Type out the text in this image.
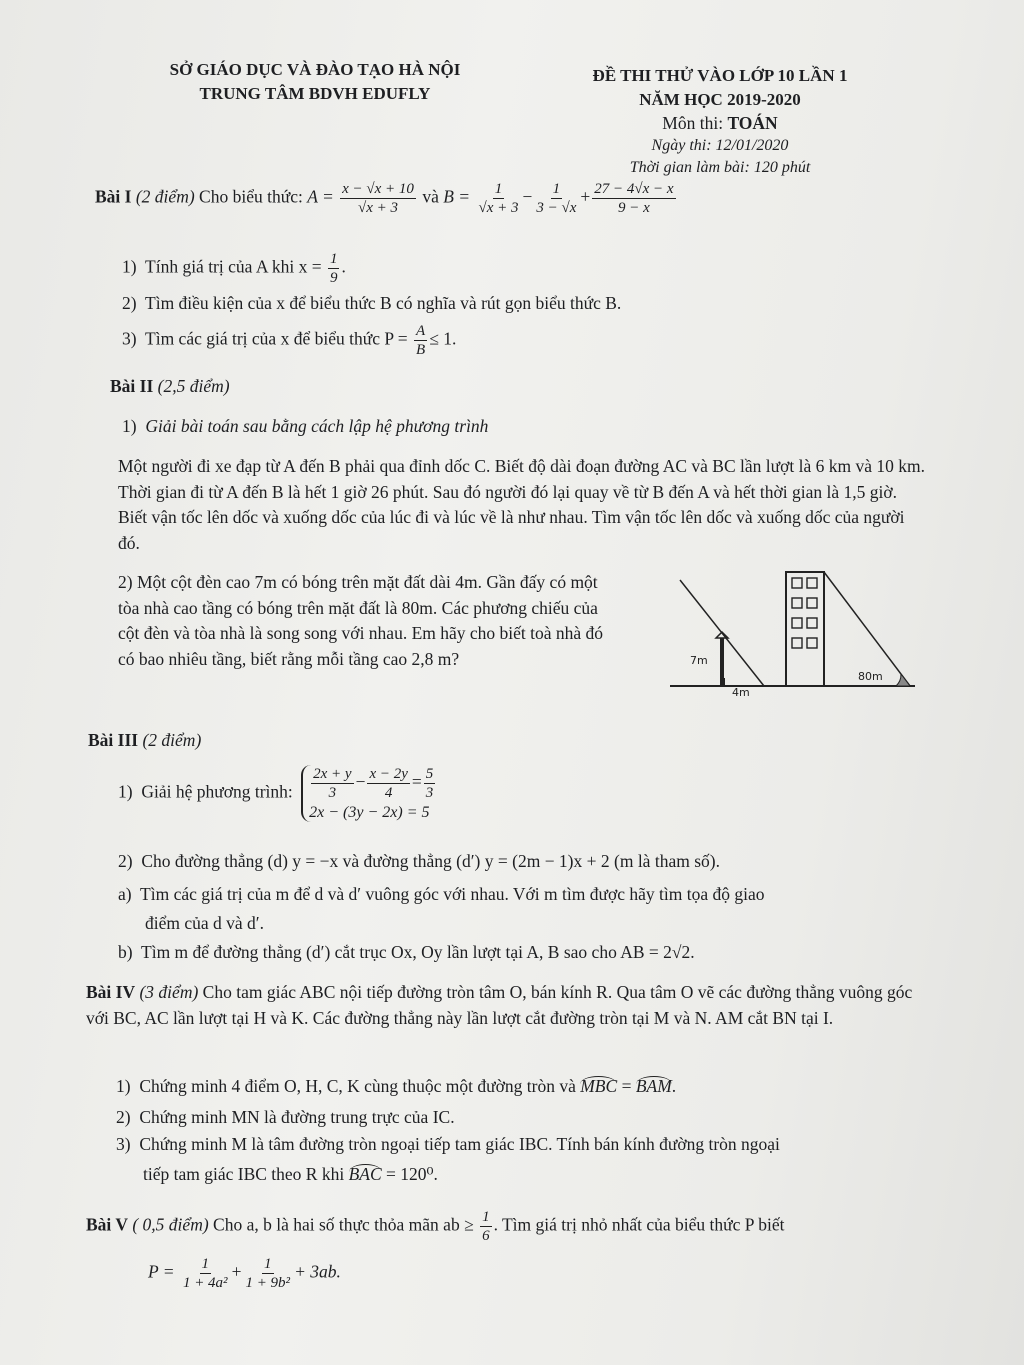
SỞ GIÁO DỤC VÀ ĐÀO TẠO HÀ NỘI
TRUNG TÂM BDVH EDUFLY
ĐỀ THI THỬ VÀO LỚP 10 LẦN 1
NĂM HỌC 2019-2020
Môn thi: TOÁN
Ngày thi: 12/01/2020
Thời gian làm bài: 120 phút
Bài I (2 điểm) Cho biểu thức: $A = \frac{x - √x + 10}{√x + 3}$ và $B = \frac{1}{√x + 3} - \frac{1}{3 - √x} + \frac{27 - 4√x - x}{9 - x}$
1) Tính giá trị của A khi $x = \frac{1}{9}$ .
2) Tìm điều kiện của x để biểu thức B có nghĩa và rút gọn biểu thức B.
3) Tìm các giá trị của x để biểu thức $P = \frac{A}{B} \le 1$.
Bài II (2,5 điểm)
1) Giải bài toán sau bằng cách lập hệ phương trình
Một người đi xe đạp từ A đến B phải qua đỉnh dốc C. Biết độ dài đoạn đường AC và BC lần lượt là 6 km và 10 km. Thời gian đi từ A đến B là hết 1 giờ 26 phút. Sau đó người đó lại quay về từ B đến A và hết thời gian là 1,5 giờ. Biết vận tốc lên dốc và xuống dốc của lúc đi và lúc về là như nhau. Tìm vận tốc lên dốc và xuống dốc của người đó.
2) Một cột đèn cao 7m có bóng trên mặt đất dài 4m. Gần đấy có một tòa nhà cao tầng có bóng trên mặt đất là 80m. Các phương chiếu của cột đèn và tòa nhà là song song với nhau. Em hãy cho biết toà nhà đó có bao nhiêu tầng, biết rằng mỗi tầng cao 2,8 m?	7m
4m
80m
Bài III (2 điểm)
1) Giải hệ phương trình: $\frac{2x + y}{3} - \frac{x - 2y}{4} = \frac{5}{3}$
2x − (3y − 2x) = 5
2) Cho đường thẳng (d) y = −x và đường thẳng (d′) y = (2m − 1)x + 2 (m là tham số).
a) Tìm các giá trị của m để d và d′ vuông góc với nhau. Với m tìm được hãy tìm tọa độ giao
điểm của d và d′.
b) Tìm m để đường thẳng (d′) cắt trục Ox, Oy lần lượt tại A, B sao cho AB = 2√2.
Bài IV (3 điểm) Cho tam giác ABC nội tiếp đường tròn tâm O, bán kính R. Qua tâm O vẽ các đường thẳng vuông góc với BC, AC lần lượt tại H và K. Các đường thẳng này lần lượt cắt đường tròn tại M và N. AM cắt BN tại I.
1) Chứng minh 4 điểm O, H, C, K cùng thuộc một đường tròn và MBC = BAM.
2) Chứng minh MN là đường trung trực của IC.
3) Chứng minh M là tâm đường tròn ngoại tiếp tam giác IBC. Tính bán kính đường tròn ngoại
tiếp tam giác IBC theo R khi BAC = 120⁰.
Bài V ( 0,5 điểm) Cho a, b là hai số thực thỏa mãn ab ≥ $\frac{1}{6}$ . Tìm giá trị nhỏ nhất của biểu thức P biết
$P = \frac{1}{\text{1 + 4a²}} + \frac{1}{\text{1 + 9b²}} + 3ab$.
